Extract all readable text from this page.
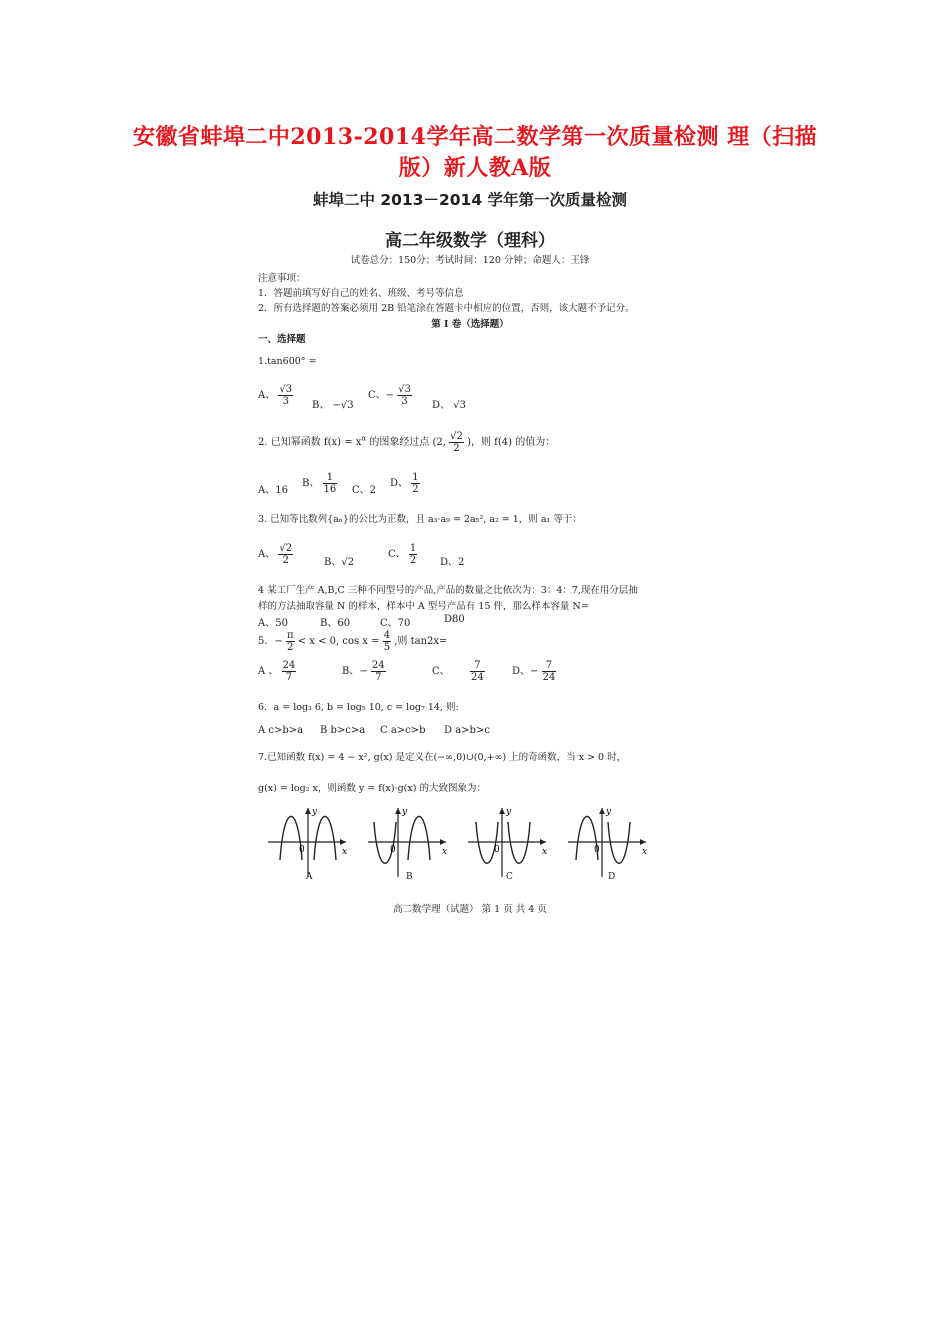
安徽省蚌埠二中2013-2014学年高二数学第一次质量检测 理（扫描
版）新人教A版
蚌埠二中 2013－2014 学年第一次质量检测
高二年级数学（理科）
试卷总分：150分；考试时间：120 分钟；命题人：王锋
注意事项：
1．答题前填写好自己的姓名、班级、考号等信息
2．所有选择题的答案必须用 2B 铅笔涂在答题卡中相应的位置，否则，该大题不予记分。
第 I 卷（选择题）
一、选择题
1.tan600° =
A、 $\frac{√3}{3}$ B、 −√3
C、− $\frac{√3}{3}$ D、 √3
2. 已知幂函数 $f(x) = x^\alpha$ 的图象经过点 (2, $\frac{√2}{2}$ )，则 f(4) 的值为：
A、16
B、 $\frac{1}{16}$ C、2
D、 $\frac{1}{2}$
3. 已知等比数列{aₙ}的公比为正数，且 a₃·a₉ = 2a₅², a₂ = 1，则 a₁ 等于：
A、 $\frac{√2}{2}$	B、√2
C、 $\frac{1}{2}$ D、2
4 某工厂生产 A,B,C 三种不同型号的产品,产品的数量之比依次为：3：4：7,现在用分层抽
样的方法抽取容量 N 的样本，样本中 A 型号产品有 15 件，那么样本容量 N=
A、50	B、60	C、70	D80
5．− $\frac{\pi}{2} < x < 0$, $\cos x = \frac{4}{5}$ ,则 tan2x=
A 、 $\frac{24}{7}$	B、− $\frac{24}{7}$	C、 $\frac{7}{24}$	D、− $\frac{7}{24}$
6．a = log₃ 6, b = log₅ 10, c = log₇ 14, 则:
A c>b>a B b>c>a C a>c>b D a>b>c
7.已知函数 f(x) = 4 − x², g(x) 是定义在(−∞,0)∪(0,+∞) 上的奇函数，当 x > 0 时，
g(x) = log₂ x，则函数 y = f(x)·g(x) 的大致图象为：
0
y
x	0
y
x	0
y
x	0
y
x
A	B	C	D
高二数学理（试题） 第 1 页 共 4 页
